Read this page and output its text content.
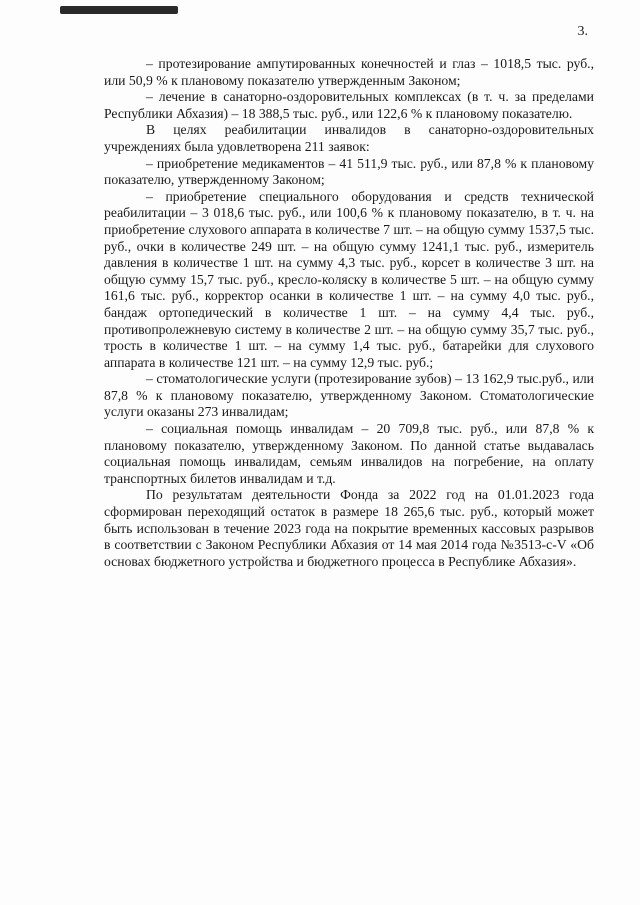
3.

– протезирование ампутированных конечностей и глаз – 1018,5 тыс. руб., или 50,9 % к плановому показателю утвержденным Законом;

– лечение в санаторно-оздоровительных комплексах (в т. ч. за пределами Республики Абхазия) – 18 388,5 тыс. руб., или 122,6 % к плановому показателю.

В целях реабилитации инвалидов в санаторно-оздоровительных учреждениях была удовлетворена 211 заявок:

– приобретение медикаментов – 41 511,9 тыс. руб., или 87,8 % к плановому показателю, утвержденному Законом;

– приобретение специального оборудования и средств технической реабилитации – 3 018,6 тыс. руб., или 100,6 % к плановому показателю, в т. ч. на приобретение слухового аппарата в количестве 7 шт. – на общую сумму 1537,5 тыс. руб., очки в количестве 249 шт. – на общую сумму 1241,1 тыс. руб., измеритель давления в количестве 1 шт. на сумму 4,3 тыс. руб., корсет в количестве 3 шт. на общую сумму 15,7 тыс. руб., кресло-коляску в количестве 5 шт. – на общую сумму 161,6 тыс. руб., корректор осанки в количестве 1 шт. – на сумму 4,0 тыс. руб., бандаж ортопедический в количестве 1 шт. – на сумму 4,4 тыс. руб., противопролежневую систему в количестве 2 шт. – на общую сумму 35,7 тыс. руб., трость в количестве 1 шт. – на сумму 1,4 тыс. руб., батарейки для слухового аппарата в количестве 121 шт. – на сумму 12,9 тыс. руб.;

– стоматологические услуги (протезирование зубов) – 13 162,9 тыс.руб., или 87,8 % к плановому показателю, утвержденному Законом. Стоматологические услуги оказаны 273 инвалидам;

– социальная помощь инвалидам – 20 709,8 тыс. руб., или 87,8 % к плановому показателю, утвержденному Законом. По данной статье выдавалась социальная помощь инвалидам, семьям инвалидов на погребение, на оплату транспортных билетов инвалидам и т.д.

По результатам деятельности Фонда за 2022 год на 01.01.2023 года сформирован переходящий остаток в размере 18 265,6 тыс. руб., который может быть использован в течение 2023 года на покрытие временных кассовых разрывов в соответствии с Законом Республики Абхазия от 14 мая 2014 года №3513-с-V «Об основах бюджетного устройства и бюджетного процесса в Республике Абхазия».
